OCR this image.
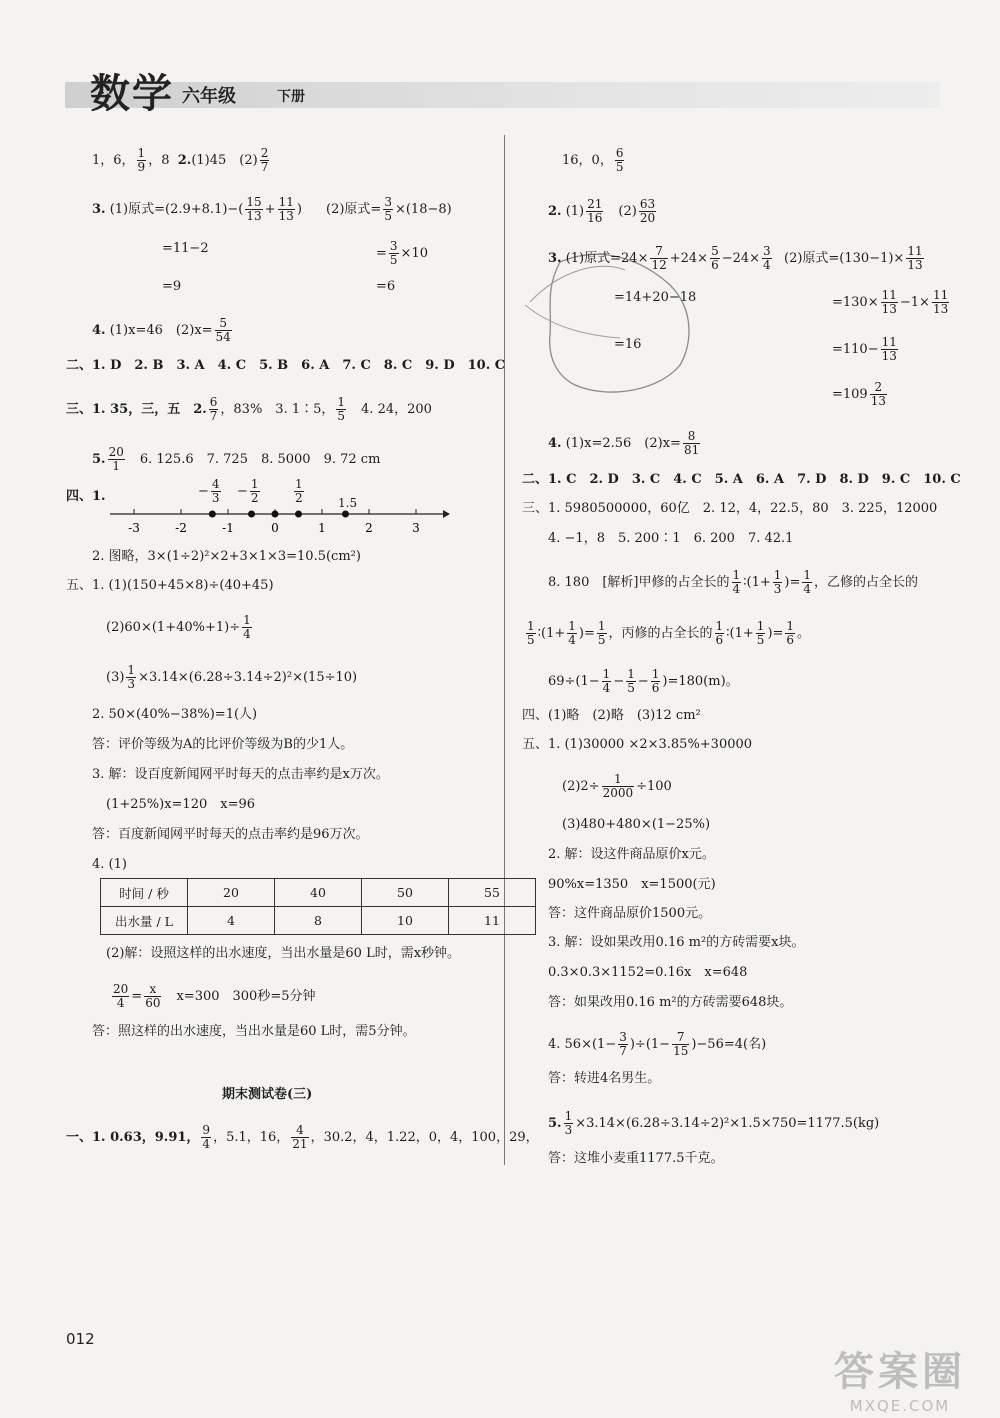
数学 六年级	下册
1，6， $\frac{1}{9}$ ，8 2.(1)45　$(2) \frac{2}{7}$
3. (1)原式$=(2.9+8.1)-( \frac{15}{13} + \frac{11}{13}$ ) (2)原式= $\frac{3}{5} \times(18-8)$
=11−2	= $\frac{3}{5} \times 10$
=9	=6
4. (1)x=46　$(2)x= \frac{5}{54}$
二、1. D　2. B　3. A　4. C　5. B　6. A　7. C　8. C　9. D　10. C
三、1. 35，三，五　2. $\frac{6}{7}$ ，83%　3. 1∶5， $\frac{1}{5}$ 　4. 24，200
5. $\frac{20}{1}$ 　6. 125.6　7. 725　8. 5000　9. 72 cm
四、1.
-3	-2	-1	0	1	2	3
− $\frac{4}{3} - \frac{1}{2}$	$\frac{1}{2}$	1.5
2. 图略，3×(1÷2)²×2+3×1×3=10.5(cm²)
五、1. (1)(150+45×8)÷(40+45)
$(2)60\times(1+40\%+1)\div \frac{1}{4}$
$(3) \frac{1}{3} \times 3.14\times(6.28\div 3.14\div 2)^2\times(15\div 10)$
2. 50×(40%−38%)=1(人)
答：评价等级为A的比评价等级为B的少1人。
3. 解：设百度新闻网平时每天的点击率约是x万次。
(1+25%)x=120　x=96
答：百度新闻网平时每天的点击率约是96万次。
4. (1)
时间 / 秒	20	40	50	55
出水量 / L	4	8	10	11
(2)解：设照这样的出水速度，当出水量是60 L时，需x秒钟。
$\frac{20}{4} = \frac{x}{60}$ 　x=300　300秒=5分钟
答：照这样的出水速度，当出水量是60 L时，需5分钟。
期末测试卷(三)
一、1. 0.63，9.91， $\frac{9}{4}$ ，5.1，16， $\frac{4}{21}$ ，30.2，4，1.22，0，4，100，29，
16，0， $\frac{6}{5}$
2. $(1) \frac{21}{16}$ 　$(2) \frac{63}{20}$
3. (1)原式$=24\times \frac{7}{12} +24\times \frac{5}{6} -24\times \frac{3}{4} (2)$原式$=(130-1)\times \frac{11}{13}$
=14+20−18	$=130\times \frac{11}{13} -1\times \frac{11}{13}$
=16	$=110- \frac{11}{13}$
$=109 \frac{2}{13}$
4. (1)x=2.56　$(2)x= \frac{8}{81}$
二、1. C　2. D　3. C　4. C　5. A　6. A　7. D　8. D　9. C　10. C
三、1. 5980500000，60亿　2. 12，4，22.5，80　3. 225，12000
4. −1，8　5. 200∶1　6. 200　7. 42.1
8. 180　[解析]甲修的占全长的 $\frac{1}{4}$ ∶(1+ $\frac{1}{3}$ )= $\frac{1}{4}$ ，乙修的占全长的
$\frac{1}{5}$ ∶(1+ $\frac{1}{4}$ )= $\frac{1}{5}$ ，丙修的占全长的 $\frac{1}{6}$ ∶(1+ $\frac{1}{5}$ )= $\frac{1}{6}$ 。
$69\div(1- \frac{1}{4} - \frac{1}{5} - \frac{1}{6} )=180(m)$。
四、(1)略　(2)略　(3)12 cm²
五、1. (1)30000 ×2×3.85%+30000
$(2)2\div \frac{1}{2000} \div 100$
(3)480+480×(1−25%)
2. 解：设这件商品原价x元。
90%x=1350　x=1500(元)
答：这件商品原价1500元。
3. 解：设如果改用0.16 m²的方砖需要x块。
0.3×0.3×1152=0.16x　x=648
答：如果改用0.16 m²的方砖需要648块。
4. $56\times(1- \frac{3}{7} )\div(1- \frac{7}{15} )-56=4$(名)
答：转进4名男生。
5. $\frac{1}{3} \times 3.14\times(6.28\div 3.14\div 2)^2\times 1.5\times 750=1177.5(kg)$
答：这堆小麦重1177.5千克。
012
答案圈
MXQE.COM
